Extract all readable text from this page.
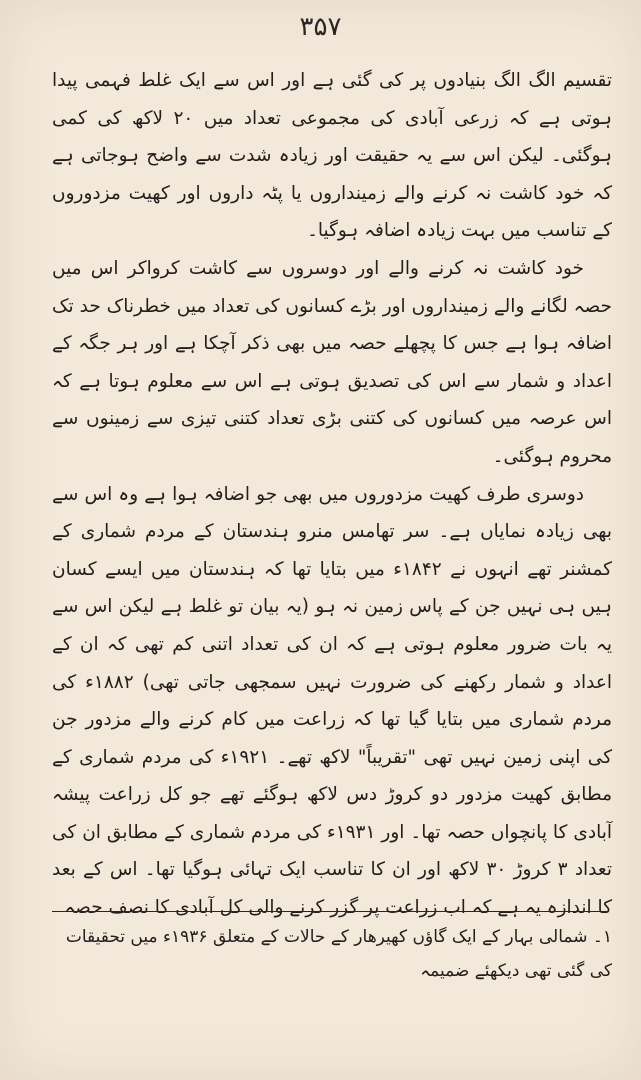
۳۵۷

تقسیم الگ الگ بنیادوں پر کی گئی ہے اور اس سے ایک غلط فہمی پیدا ہوتی ہے کہ زرعی آبادی کی مجموعی تعداد میں ۲۰ لاکھ کی کمی ہوگئی۔ لیکن اس سے یہ حقیقت اور زیادہ شدت سے واضح ہوجاتی ہے کہ خود کاشت نہ کرنے والے زمینداروں یا پٹہ داروں اور کھیت مزدوروں کے تناسب میں بہت زیادہ اضافہ ہوگیا۔

خود کاشت نہ کرنے والے اور دوسروں سے کاشت کرواکر اس میں حصہ لگانے والے زمینداروں اور بڑے کسانوں کی تعداد میں خطرناک حد تک اضافہ ہوا ہے جس کا پچھلے حصہ میں بھی ذکر آچکا ہے اور ہر جگہ کے اعداد و شمار سے اس کی تصدیق ہوتی ہے اس سے معلوم ہوتا ہے کہ اس عرصہ میں کسانوں کی کتنی بڑی تعداد کتنی تیزی سے زمینوں سے محروم ہوگئی۔

دوسری طرف کھیت مزدوروں میں بھی جو اضافہ ہوا ہے وہ اس سے بھی زیادہ نمایاں ہے۔ سر تھامس منرو ہندستان کے مردم شماری کے کمشنر تھے انہوں نے ۱۸۴۲ء میں بتایا تھا کہ ہندستان میں ایسے کسان ہیں ہی نہیں جن کے پاس زمین نہ ہو (یہ بیان تو غلط ہے لیکن اس سے یہ بات ضرور معلوم ہوتی ہے کہ ان کی تعداد اتنی کم تھی کہ ان کے اعداد و شمار رکھنے کی ضرورت نہیں سمجھی جاتی تھی) ۱۸۸۲ء کی مردم شماری میں بتایا گیا تھا کہ زراعت میں کام کرنے والے مزدور جن کی اپنی زمین نہیں تھی "تقریباً" لاکھ تھے۔ ۱۹۲۱ء کی مردم شماری کے مطابق کھیت مزدور دو کروڑ دس لاکھ ہوگئے تھے جو کل زراعت پیشہ آبادی کا پانچواں حصہ تھا۔ اور ۱۹۳۱ء کی مردم شماری کے مطابق ان کی تعداد ۳ کروڑ ۳۰ لاکھ اور ان کا تناسب ایک تہائی ہوگیا تھا۔ اس کے بعد کا اندازہ یہ ہے کہ اب زراعت پر گزر کرنے والی کل آبادی کا نصف حصہ

۱۔ شمالی بہار کے ایک گاؤں کھیرھار کے حالات کے متعلق ۱۹۳۶ء میں تحقیقات کی گئی تھی دیکھئے ضمیمہ
